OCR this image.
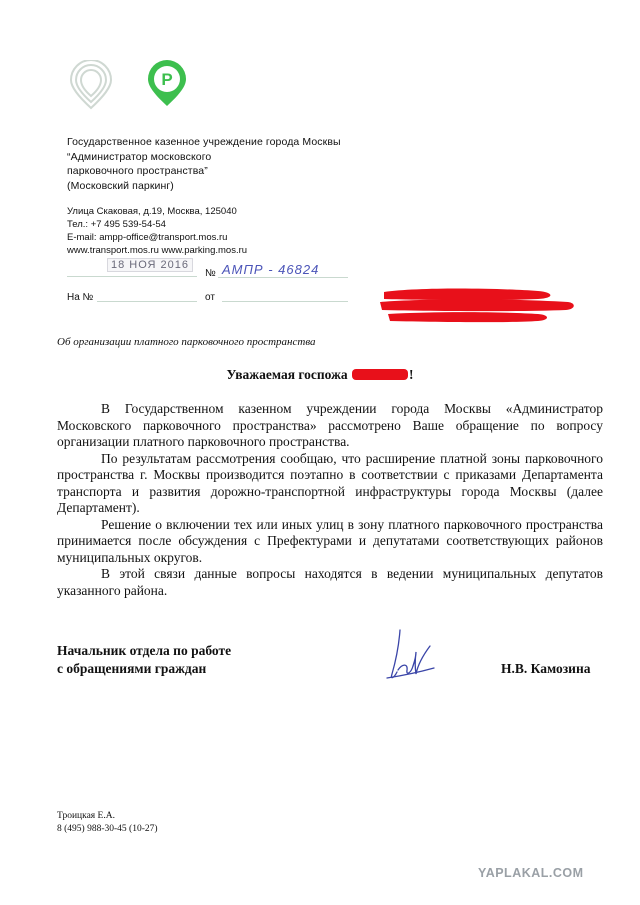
P
Государственное казенное учреждение города Москвы
“Администратор московского
парковочного пространства”
(Московский паркинг)
Улица Скаковая, д.19, Москва, 125040
Тел.: +7 495 539-54-54
E-mail: ampp-office@transport.mos.ru
www.transport.mos.ru www.parking.mos.ru
18 НОЯ 2016
№ АМПР - 46824
На №	от
Об организации платного парковочного пространства
Уважаемая госпожа	!

В Государственном казенном учреждении города Москвы «Администратор Московского парковочного пространства» рассмотрено Ваше обращение по вопросу организации платного парковочного пространства.

По результатам рассмотрения сообщаю, что расширение платной зоны парковочного пространства г. Москвы производится поэтапно в соответствии с приказами Департамента транспорта и развития дорожно-транспортной инфраструктуры города Москвы (далее Департамент).

Решение о включении тех или иных улиц в зону платного парковочного пространства принимается после обсуждения с Префектурами и депутатами соответствующих районов муниципальных округов.

В этой связи данные вопросы находятся в ведении муниципальных депутатов указанного района.

Начальник отдела по работе
с обращениями граждан	Н.В. Камозина
Троицкая Е.А.
8 (495) 988-30-45 (10-27)
YAPLAKAL.COM
